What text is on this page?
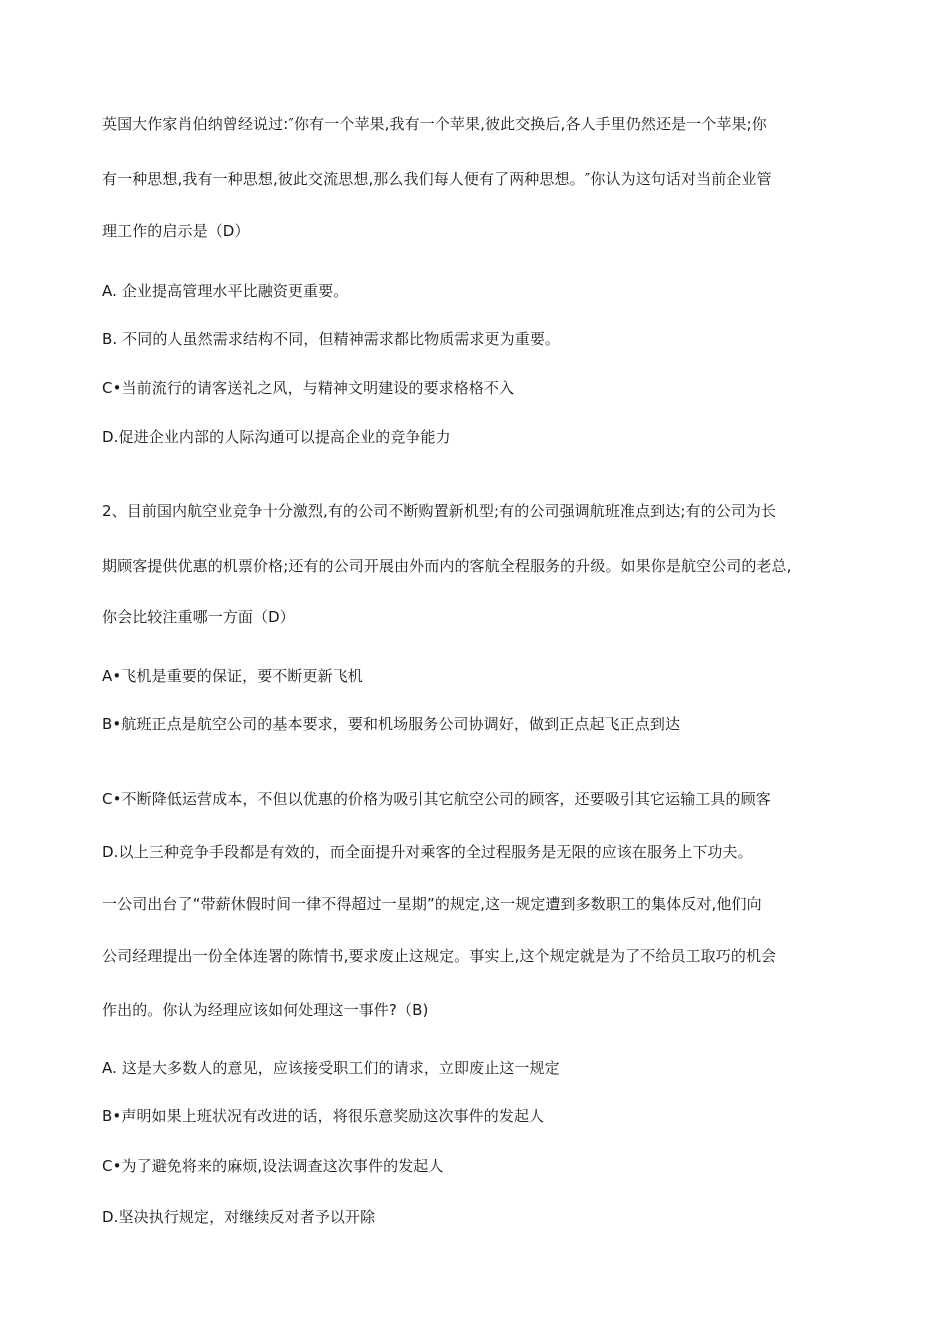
英国大作家肖伯纳曾经说过:″你有一个苹果,我有一个苹果,彼此交换后,各人手里仍然还是一个苹果;你
有一种思想,我有一种思想,彼此交流思想,那么我们每人便有了两种思想。″你认为这句话对当前企业管
理工作的启示是（D）
A. 企业提高管理水平比融资更重要。
B. 不同的人虽然需求结构不同，但精神需求都比物质需求更为重要。
C•当前流行的请客送礼之风，与精神文明建设的要求格格不入
D.促进企业内部的人际沟通可以提高企业的竞争能力
2、目前国内航空业竞争十分激烈,有的公司不断购置新机型;有的公司强调航班准点到达;有的公司为长
期顾客提供优惠的机票价格;还有的公司开展由外而内的客航全程服务的升级。如果你是航空公司的老总,
你会比较注重哪一方面（D）
A•飞机是重要的保证，要不断更新飞机
B•航班正点是航空公司的基本要求，要和机场服务公司协调好，做到正点起飞正点到达
C•不断降低运营成本，不但以优惠的价格为吸引其它航空公司的顾客，还要吸引其它运输工具的顾客
D.以上三种竞争手段都是有效的，而全面提升对乘客的全过程服务是无限的应该在服务上下功夫。
一公司出台了“带薪休假时间一律不得超过一星期”的规定,这一规定遭到多数职工的集体反对,他们向
公司经理提出一份全体连署的陈情书,要求废止这规定。事实上,这个规定就是为了不给员工取巧的机会
作出的。你认为经理应该如何处理这一事件?（B)
A. 这是大多数人的意见，应该接受职工们的请求，立即废止这一规定
B•声明如果上班状况有改进的话，将很乐意奖励这次事件的发起人
C•为了避免将来的麻烦,设法调查这次事件的发起人
D.坚决执行规定，对继续反对者予以开除
